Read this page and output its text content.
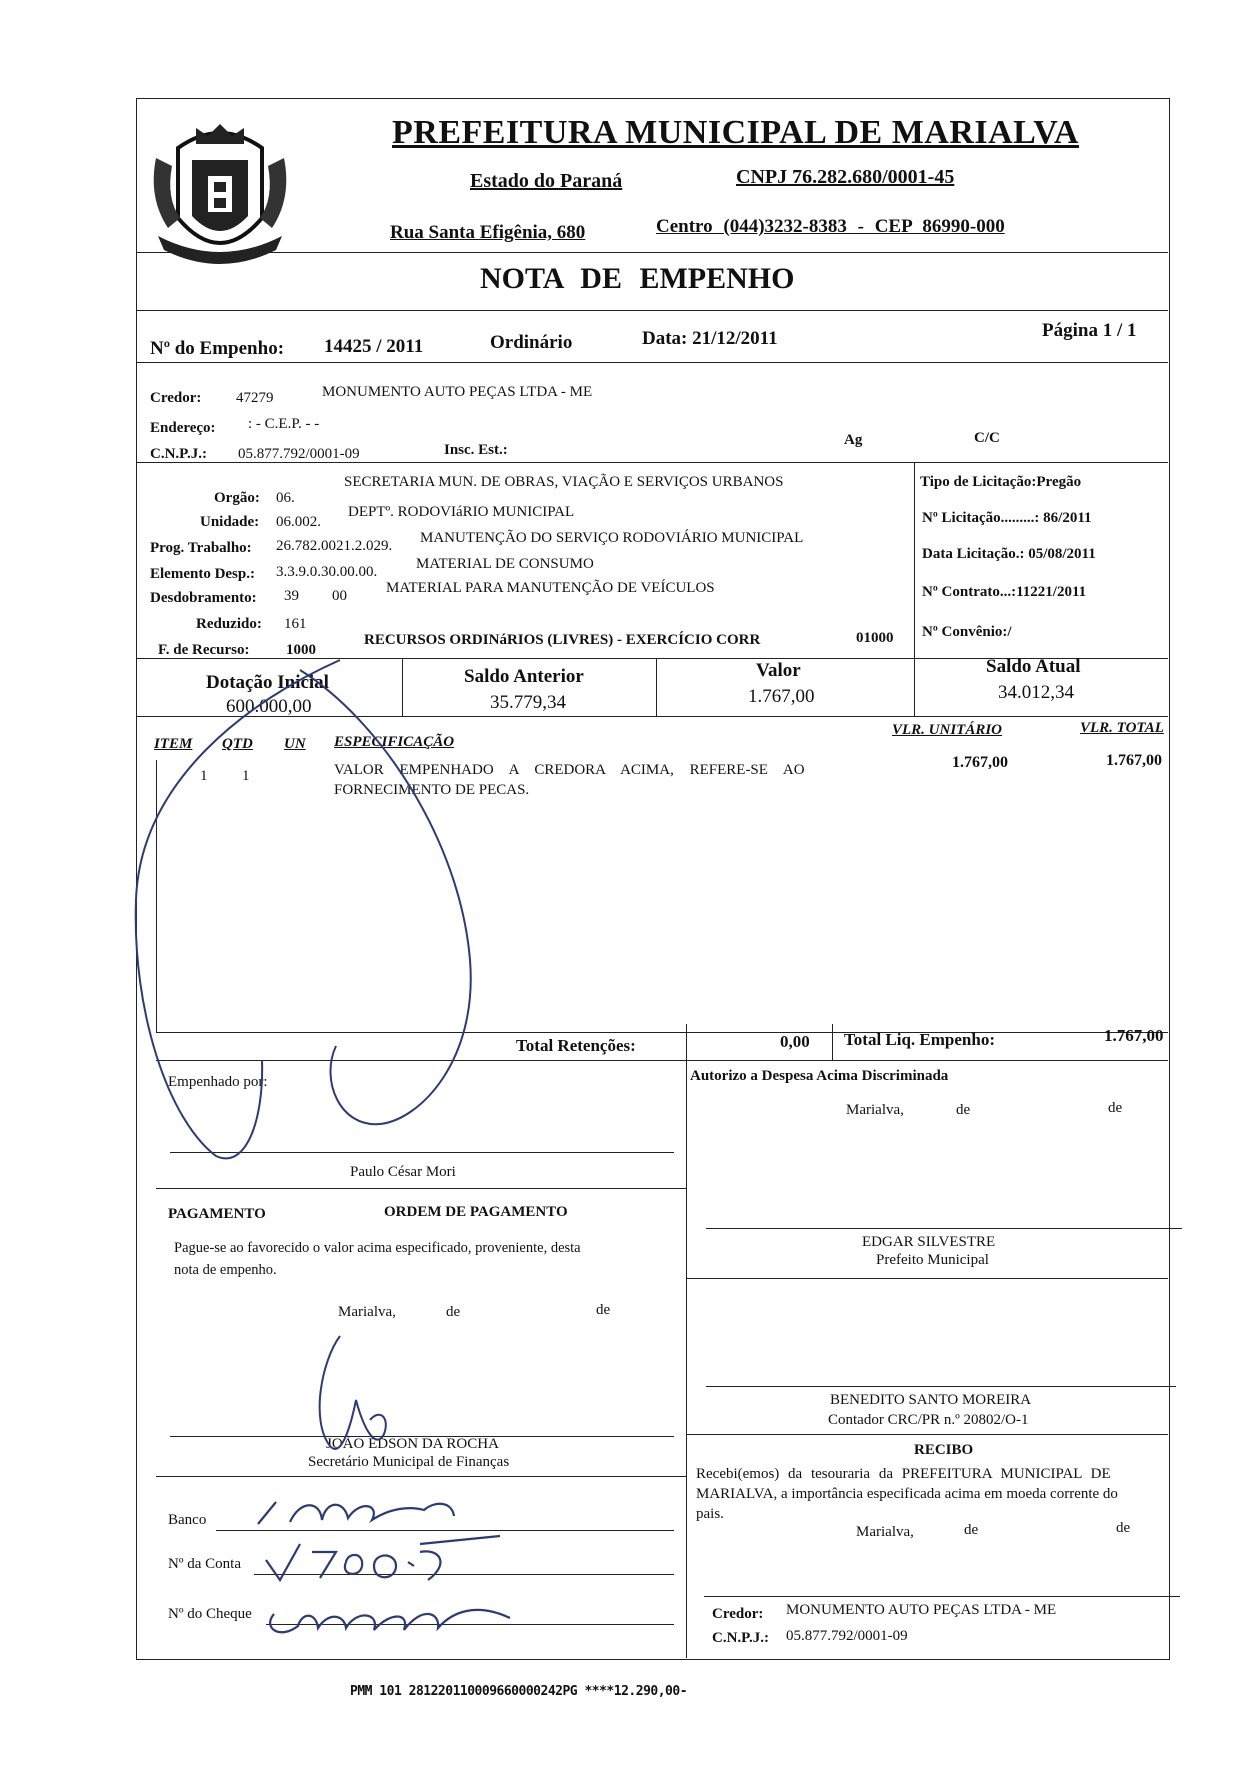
PREFEITURA MUNICIPAL DE MARIALVA
Estado do Paraná	CNPJ 76.282.680/0001-45
Rua Santa Efigênia, 680	Centro (044)3232-8383 - CEP 86990-000
NOTA DE EMPENHO
Nº do Empenho: 14425 / 2011	Ordinário	Data: 21/12/2011	Página 1 / 1
Credor: 47279	MONUMENTO AUTO PEÇAS LTDA - ME
Endereço: : - C.E.P. - -
C.N.P.J.: 05.877.792/0001-09	Insc. Est.:
Ag	C/C
Orgão: 06.
SECRETARIA MUN. DE OBRAS, VIAÇÃO E SERVIÇOS URBANOS
Unidade: 06.002.
DEPTº. RODOVIáRIO MUNICIPAL
Prog. Trabalho: 26.782.0021.2.029. MANUTENÇÃO DO SERVIÇO RODOVIÁRIO MUNICIPAL
Elemento Desp.: 3.3.9.0.30.00.00.	MATERIAL DE CONSUMO
Desdobramento: 39 00	MATERIAL PARA MANUTENÇÃO DE VEÍCULOS
Reduzido: 161
F. de Recurso: 1000
RECURSOS ORDINáRIOS (LIVRES) - EXERCÍCIO CORR	01000
Tipo de Licitação:Pregão
Nº Licitação.........: 86/2011
Data Licitação.: 05/08/2011
Nº Contrato...:11221/2011
Nº Convênio:/
Dotação Inicial
600.000,00
Saldo Anterior
35.779,34
Valor
1.767,00
Saldo Atual
34.012,34
ITEM QTD UN ESPECIFICAÇÃO
VLR. UNITÁRIO	VLR. TOTAL
1 1	VALOR EMPENHADO A CREDORA ACIMA, REFERE-SE AO
FORNECIMENTO DE PECAS.
1.767,00	1.767,00
Total Retenções:	0,00 Total Liq. Empenho:	1.767,00
Empenhado por:
Paulo César Mori
Autorizo a Despesa Acima Discriminada
Marialva,	de	de
EDGAR SILVESTRE
Prefeito Municipal
BENEDITO SANTO MOREIRA
Contador CRC/PR n.º 20802/O-1
PAGAMENTO	ORDEM DE PAGAMENTO
Pague-se ao favorecido o valor acima especificado, proveniente, desta
nota de empenho.
Marialva,	de	de
JOÃO EDSON DA ROCHA
Secretário Municipal de Finanças
Banco
Nº da Conta
Nº do Cheque
RECIBO
Recebi(emos) da tesouraria da PREFEITURA MUNICIPAL DE
MARIALVA, a importância especificada acima em moeda corrente do
pais.
Marialva,	de	de
Credor: MONUMENTO AUTO PEÇAS LTDA - ME
C.N.P.J.: 05.877.792/0001-09
PMM 101 281220110009660000242PG ****12.290,00-
